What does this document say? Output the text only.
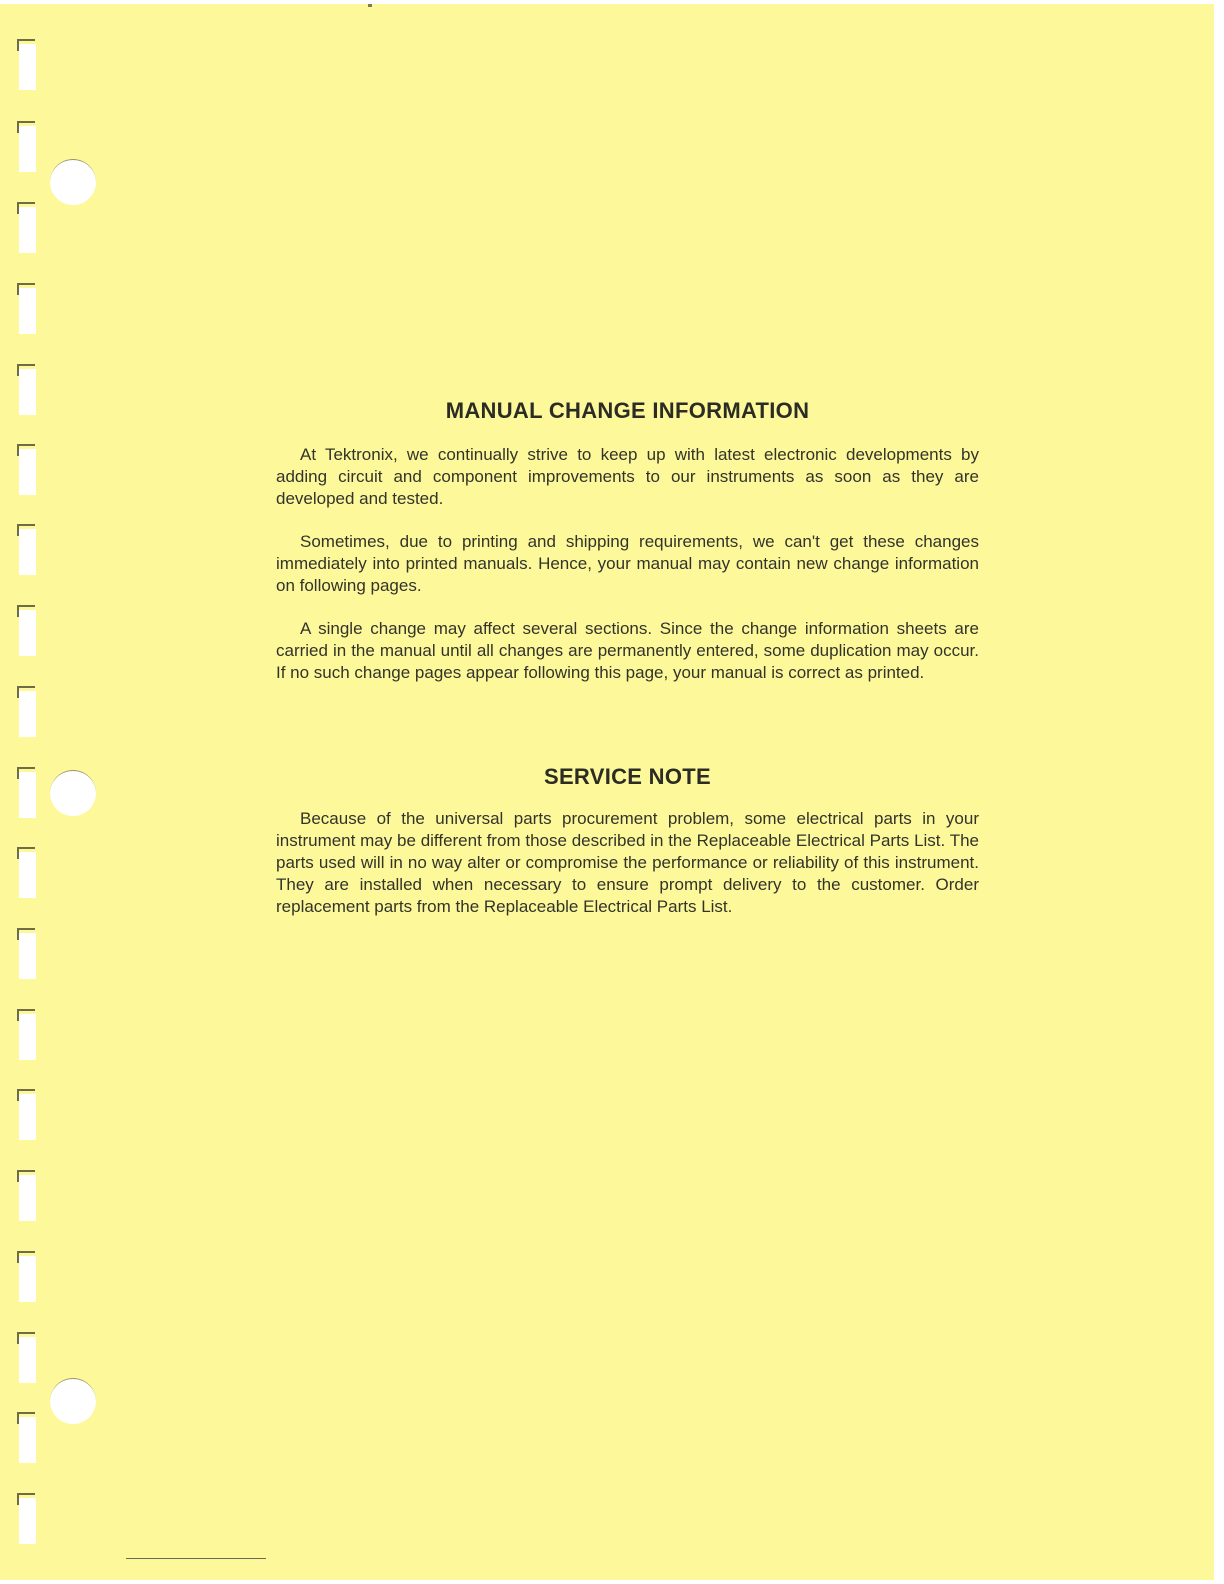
MANUAL CHANGE INFORMATION

At Tektronix, we continually strive to keep up with latest electronic developments by adding circuit and component improvements to our instruments as soon as they are developed and tested.

Sometimes, due to printing and shipping requirements, we can't get these changes immediately into printed manuals. Hence, your manual may contain new change information on following pages.

A single change may affect several sections. Since the change information sheets are carried in the manual until all changes are permanently entered, some duplication may occur. If no such change pages appear following this page, your manual is correct as printed.

SERVICE NOTE

Because of the universal parts procurement problem, some electrical parts in your instrument may be different from those described in the Replaceable Electrical Parts List. The parts used will in no way alter or compromise the performance or reliability of this instrument. They are installed when necessary to ensure prompt delivery to the customer. Order replacement parts from the Replaceable Electrical Parts List.
